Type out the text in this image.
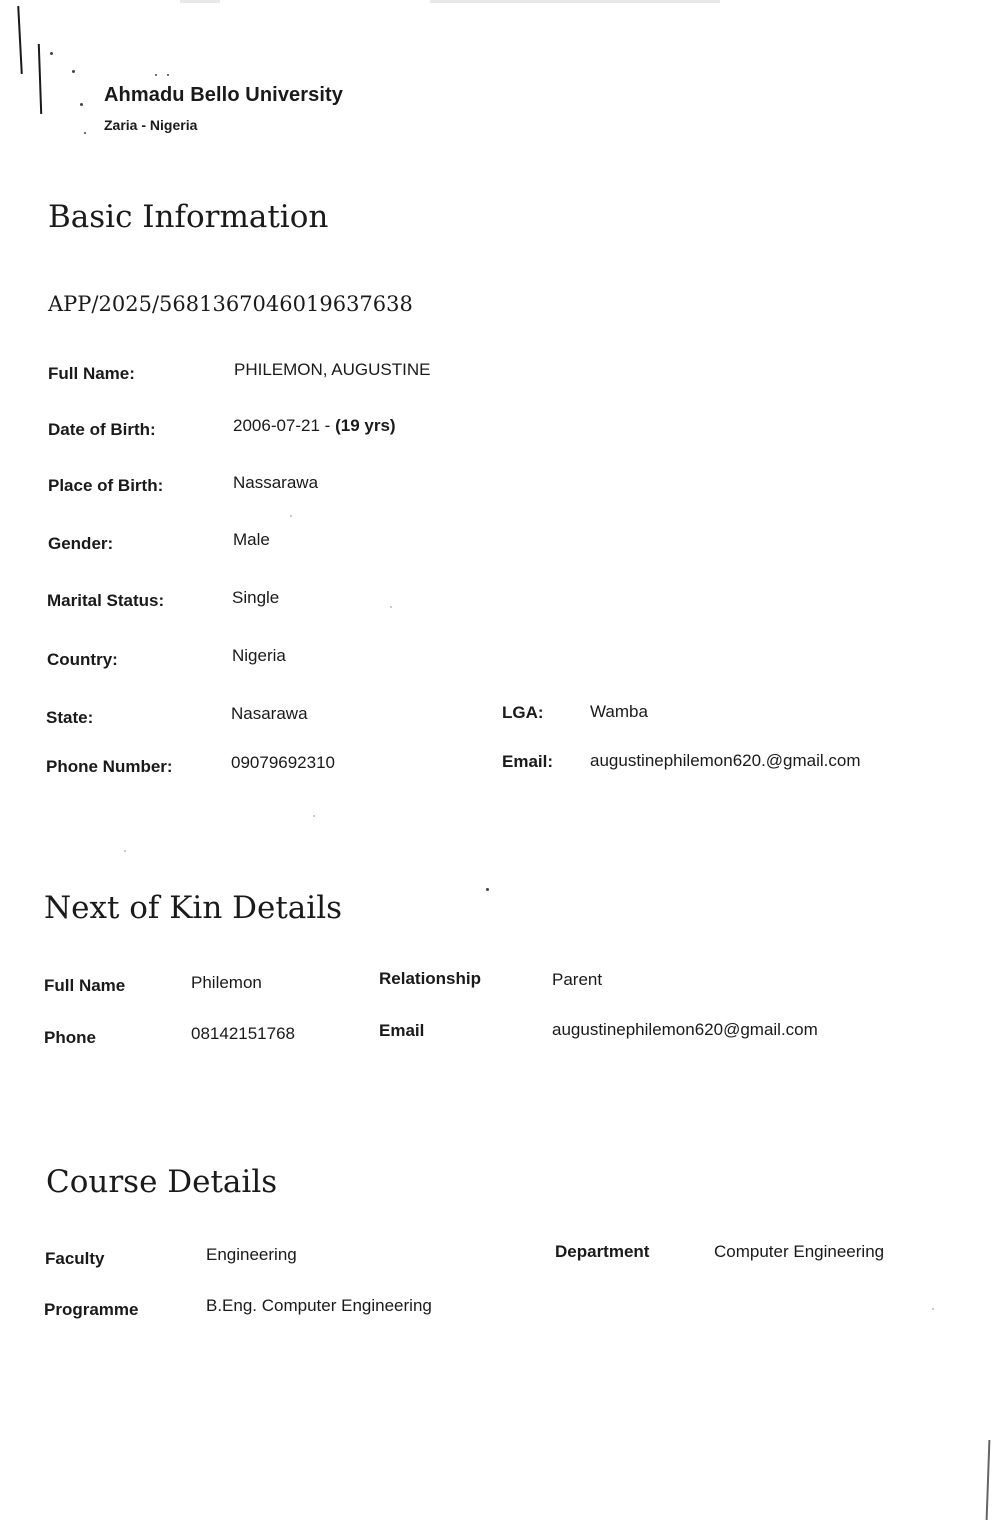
Ahmadu Bello University
Zaria - Nigeria
Basic Information
APP/2025/5681367046019637638
Full Name:	PHILEMON, AUGUSTINE
Date of Birth:	2006-07-21 - (19 yrs)
Place of Birth:	Nassarawa
Gender:	Male
Marital Status:	Single
Country:	Nigeria
State:	Nasarawa	LGA:	Wamba
Phone Number:	09079692310	Email: augustinephilemon620.@gmail.com
Next of Kin Details
Full Name	Philemon	Relationship	Parent
Phone	08142151768	Email	augustinephilemon620@gmail.com
Course Details
Faculty	Engineering	Department	Computer Engineering
Programme	B.Eng. Computer Engineering
